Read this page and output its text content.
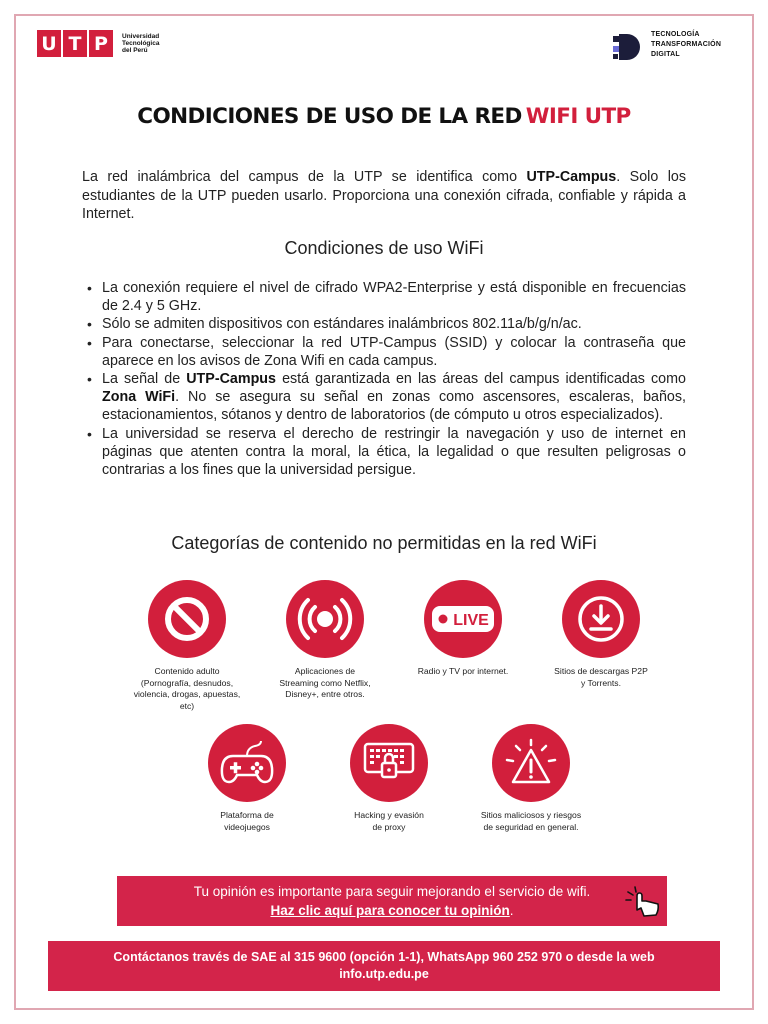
U T P	Universidad
Tecnológica
del Perú
TECNOLOGÍA
TRANSFORMACIÓN
DIGITAL
CONDICIONES DE USO DE LA RED WIFI UTP

La red inalámbrica del campus de la UTP se identifica como UTP-Campus. Solo los estudiantes de la UTP pueden usarlo. Proporciona una conexión cifrada, confiable y rápida a Internet.

Condiciones de uso WiFi
• La conexión requiere el nivel de cifrado WPA2-Enterprise y está disponible en frecuencias de 2.4 y 5 GHz.
• Sólo se admiten dispositivos con estándares inalámbricos 802.11a/b/g/n/ac.
• Para conectarse, seleccionar la red UTP-Campus (SSID) y colocar la contraseña que aparece en los avisos de Zona Wifi en cada campus.
• La señal de UTP-Campus está garantizada en las áreas del campus identificadas como Zona WiFi. No se asegura su señal en zonas como ascensores, escaleras, baños, estacionamientos, sótanos y dentro de laboratorios (de cómputo u otros especializados).
• La universidad se reserva el derecho de restringir la navegación y uso de internet en páginas que atenten contra la moral, la ética, la legalidad o que resulten peligrosas o contrarias a los fines que la universidad persigue.
Categorías de contenido no permitidas en la red WiFi
Contenido adulto
(Pornografía, desnudos,
violencia, drogas, apuestas,
etc)
Aplicaciones de
Streaming como Netflix,
Disney+, entre otros.
LIVE
Radio y TV por internet.	Sitios de descargas P2P
y Torrents.
Plataforma de
videojuegos
Hacking y evasión
de proxy
Sitios maliciosos y riesgos
de seguridad en general.
Tu opinión es importante para seguir mejorando el servicio de wifi.
Haz clic aquí para conocer tu opinión.
Contáctanos través de SAE al 315 9600 (opción 1-1), WhatsApp 960 252 970 o desde la web
info.utp.edu.pe
